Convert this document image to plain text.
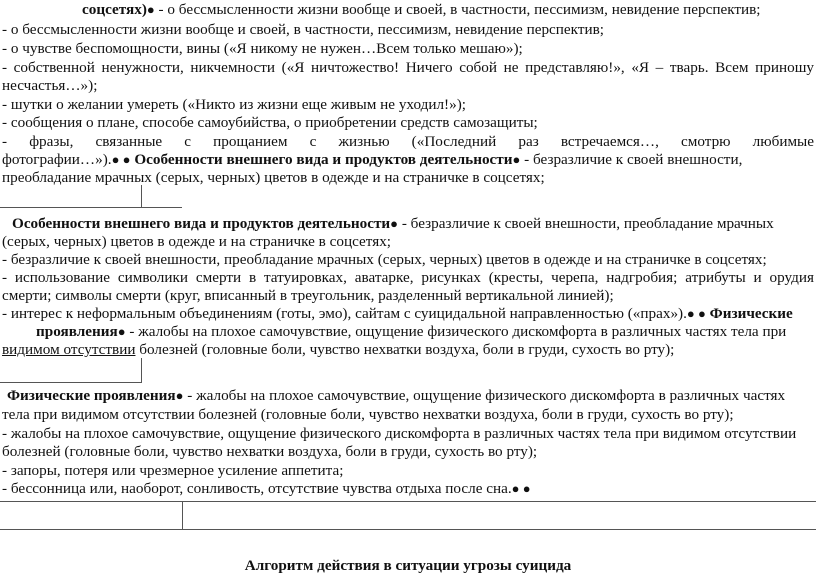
соцсетях)● - о бессмысленности жизни вообще и своей, в частности, пессимизм, невидение перспектив;
- о бессмысленности жизни вообще и своей, в частности, пессимизм, невидение перспектив;
- о чувстве беспомощности, вины («Я никому не нужен…Всем только мешаю»);
- собственной ненужности, никчемности («Я ничтожество! Ничего собой не представляю!», «Я – тварь. Всем приношу
несчастья…»);
- шутки о желании умереть («Никто из жизни еще живым не уходил!»);
- сообщения о плане, способе самоубийства, о приобретении средств самозащиты;
- фразы, связанные с прощанием с жизнью («Последний раз встречаемся…, смотрю любимые
фотографии…»).● ● Особенности внешнего вида и продуктов деятельности● - безразличие к своей внешности,
преобладание мрачных (серых, черных) цветов в одежде и на страничке в соцсетях;
Особенности внешнего вида и продуктов деятельности● - безразличие к своей внешности, преобладание мрачных
(серых, черных) цветов в одежде и на страничке в соцсетях;
- безразличие к своей внешности, преобладание мрачных (серых, черных) цветов в одежде и на страничке в соцсетях;
- использование символики смерти в татуировках, аватарке, рисунках (кресты, черепа, надгробия; атрибуты и орудия
смерти; символы смерти (круг, вписанный в треугольник, разделенный вертикальной линией);
- интерес к неформальным объединениям (готы, эмо), сайтам с суицидальной направленностью («прах»).● ● Физические
проявления● - жалобы на плохое самочувствие, ощущение физического дискомфорта в различных частях тела при
видимом отсутствии болезней (головные боли, чувство нехватки воздуха, боли в груди, сухость во рту);
Физические проявления● - жалобы на плохое самочувствие, ощущение физического дискомфорта в различных частях
тела при видимом отсутствии болезней (головные боли, чувство нехватки воздуха, боли в груди, сухость во рту);
- жалобы на плохое самочувствие, ощущение физического дискомфорта в различных частях тела при видимом отсутствии
болезней (головные боли, чувство нехватки воздуха, боли в груди, сухость во рту);
- запоры, потеря или чрезмерное усиление аппетита;
- бессонница или, наоборот, сонливость, отсутствие чувства отдыха после сна.● ●
Алгоритм действия в ситуации угрозы суицида
